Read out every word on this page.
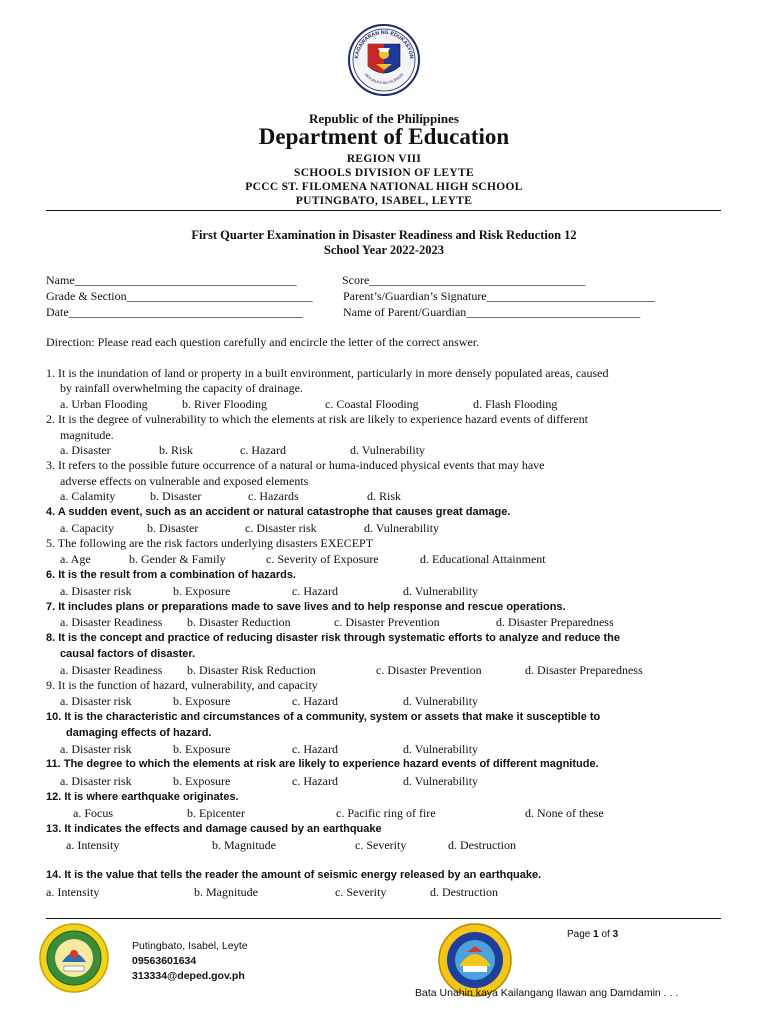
KAGAWARAN NG EDUKASYON
REPUBLIKA NG PILIPINAS
Republic of the Philippines
Department of Education
REGION VIII
SCHOOLS DIVISION OF LEYTE
PCCC ST. FILOMENA NATIONAL HIGH SCHOOL
PUTINGBATO, ISABEL, LEYTE
First Quarter Examination in Disaster Readiness and Risk Reduction 12
School Year 2022-2023
Name_____________________________________	Score____________________________________
Grade & Section_______________________________	Parent’s/Guardian’s Signature____________________________
Date_______________________________________	Name of Parent/Guardian_____________________________
Direction: Please read each question carefully and encircle the letter of the correct answer.
1. It is the inundation of land or property in a built environment, particularly in more densely populated areas, caused
by rainfall overwhelming the capacity of drainage.
a. Urban Flooding	b. River Flooding	c. Coastal Flooding	d. Flash Flooding
2. It is the degree of vulnerability to which the elements at risk are likely to experience hazard events of different
magnitude.
a. Disaster	b. Risk	c. Hazard	d. Vulnerability
3. It refers to the possible future occurrence of a natural or huma-induced physical events that may have
adverse effects on vulnerable and exposed elements
a. Calamity	b. Disaster	c. Hazards	d. Risk
4. A sudden event, such as an accident or natural catastrophe that causes great damage.
a. Capacity	b. Disaster	c. Disaster risk	d. Vulnerability
5. The following are the risk factors underlying disasters EXECEPT
a. Age	b. Gender & Family	c. Severity of Exposure	d. Educational Attainment
6. It is the result from a combination of hazards.
a. Disaster risk	b. Exposure	c. Hazard	d. Vulnerability
7. It includes plans or preparations made to save lives and to help response and rescue operations.
a. Disaster Readiness b. Disaster Reduction	c. Disaster Prevention	d. Disaster Preparedness
8. It is the concept and practice of reducing disaster risk through systematic efforts to analyze and reduce the
causal factors of disaster.
a. Disaster Readiness b. Disaster Risk Reduction	c. Disaster Prevention	d. Disaster Preparedness
9. It is the function of hazard, vulnerability, and capacity
a. Disaster risk	b. Exposure	c. Hazard	d. Vulnerability
10. It is the characteristic and circumstances of a community, system or assets that make it susceptible to
damaging effects of hazard.
a. Disaster risk	b. Exposure	c. Hazard	d. Vulnerability
11. The degree to which the elements at risk are likely to experience hazard events of different magnitude.
a. Disaster risk	b. Exposure	c. Hazard	d. Vulnerability
12. It is where earthquake originates.
a. Focus	b. Epicenter	c. Pacific ring of fire	d. None of these
13. It indicates the effects and damage caused by an earthquake
a. Intensity	b. Magnitude	c. Severity	d. Destruction
14. It is the value that tells the reader the amount of seismic energy released by an earthquake.
a. Intensity	b. Magnitude	c. Severity	d. Destruction
Putingbato, Isabel, Leyte
09563601634
313334@deped.gov.ph
Page 1 of 3
Bata Unahin kaya Kailangang Ilawan ang Damdamin . . .
